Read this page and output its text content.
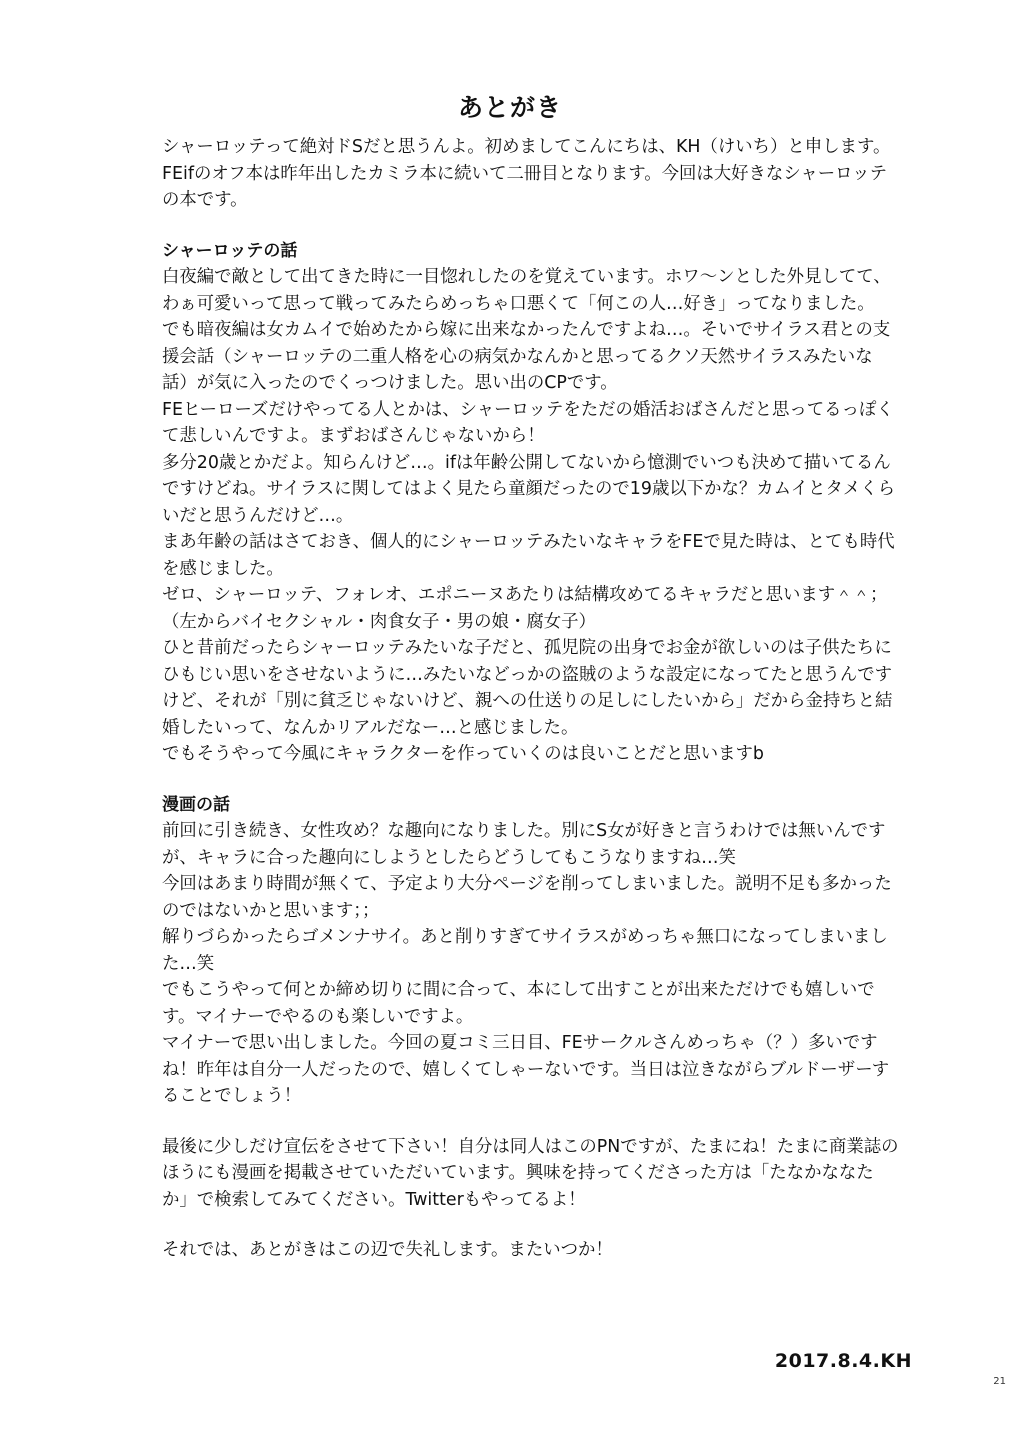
あとがき
シャーロッテって絶対ドSだと思うんよ。初めましてこんにちは、KH（けいち）と申します。
FEifのオフ本は昨年出したカミラ本に続いて二冊目となります。今回は大好きなシャーロッテ
の本です。
シャーロッテの話
白夜編で敵として出てきた時に一目惚れしたのを覚えています。ホワ～ンとした外見してて、
わぁ可愛いって思って戦ってみたらめっちゃ口悪くて「何この人…好き」ってなりました。
でも暗夜編は女カムイで始めたから嫁に出来なかったんですよね…。そいでサイラス君との支
援会話（シャーロッテの二重人格を心の病気かなんかと思ってるクソ天然サイラスみたいな
話）が気に入ったのでくっつけました。思い出のCPです。
FEヒーローズだけやってる人とかは、シャーロッテをただの婚活おばさんだと思ってるっぽく
て悲しいんですよ。まずおばさんじゃないから！
多分20歳とかだよ。知らんけど…。ifは年齢公開してないから憶測でいつも決めて描いてるん
ですけどね。サイラスに関してはよく見たら童顔だったので19歳以下かな？カムイとタメくら
いだと思うんだけど…。
まあ年齢の話はさておき、個人的にシャーロッテみたいなキャラをFEで見た時は、とても時代
を感じました。
ゼロ、シャーロッテ、フォレオ、エポニーヌあたりは結構攻めてるキャラだと思います＾＾；
（左からバイセクシャル・肉食女子・男の娘・腐女子）
ひと昔前だったらシャーロッテみたいな子だと、孤児院の出身でお金が欲しいのは子供たちに
ひもじい思いをさせないように…みたいなどっかの盗賊のような設定になってたと思うんです
けど、それが「別に貧乏じゃないけど、親への仕送りの足しにしたいから」だから金持ちと結
婚したいって、なんかリアルだなー…と感じました。
でもそうやって今風にキャラクターを作っていくのは良いことだと思いますb
漫画の話
前回に引き続き、女性攻め？な趣向になりました。別にS女が好きと言うわけでは無いんです
が、キャラに合った趣向にしようとしたらどうしてもこうなりますね…笑
今回はあまり時間が無くて、予定より大分ページを削ってしまいました。説明不足も多かった
のではないかと思います；；
解りづらかったらゴメンナサイ。あと削りすぎてサイラスがめっちゃ無口になってしまいまし
た…笑
でもこうやって何とか締め切りに間に合って、本にして出すことが出来ただけでも嬉しいで
す。マイナーでやるのも楽しいですよ。
マイナーで思い出しました。今回の夏コミ三日目、FEサークルさんめっちゃ（？）多いです
ね！昨年は自分一人だったので、嬉しくてしゃーないです。当日は泣きながらブルドーザーす
ることでしょう！
最後に少しだけ宣伝をさせて下さい！自分は同人はこのPNですが、たまにね！たまに商業誌の
ほうにも漫画を掲載させていただいています。興味を持ってくださった方は「たなかななた
か」で検索してみてください。Twitterもやってるよ！
それでは、あとがきはこの辺で失礼します。またいつか！
2017.8.4.KH
21
